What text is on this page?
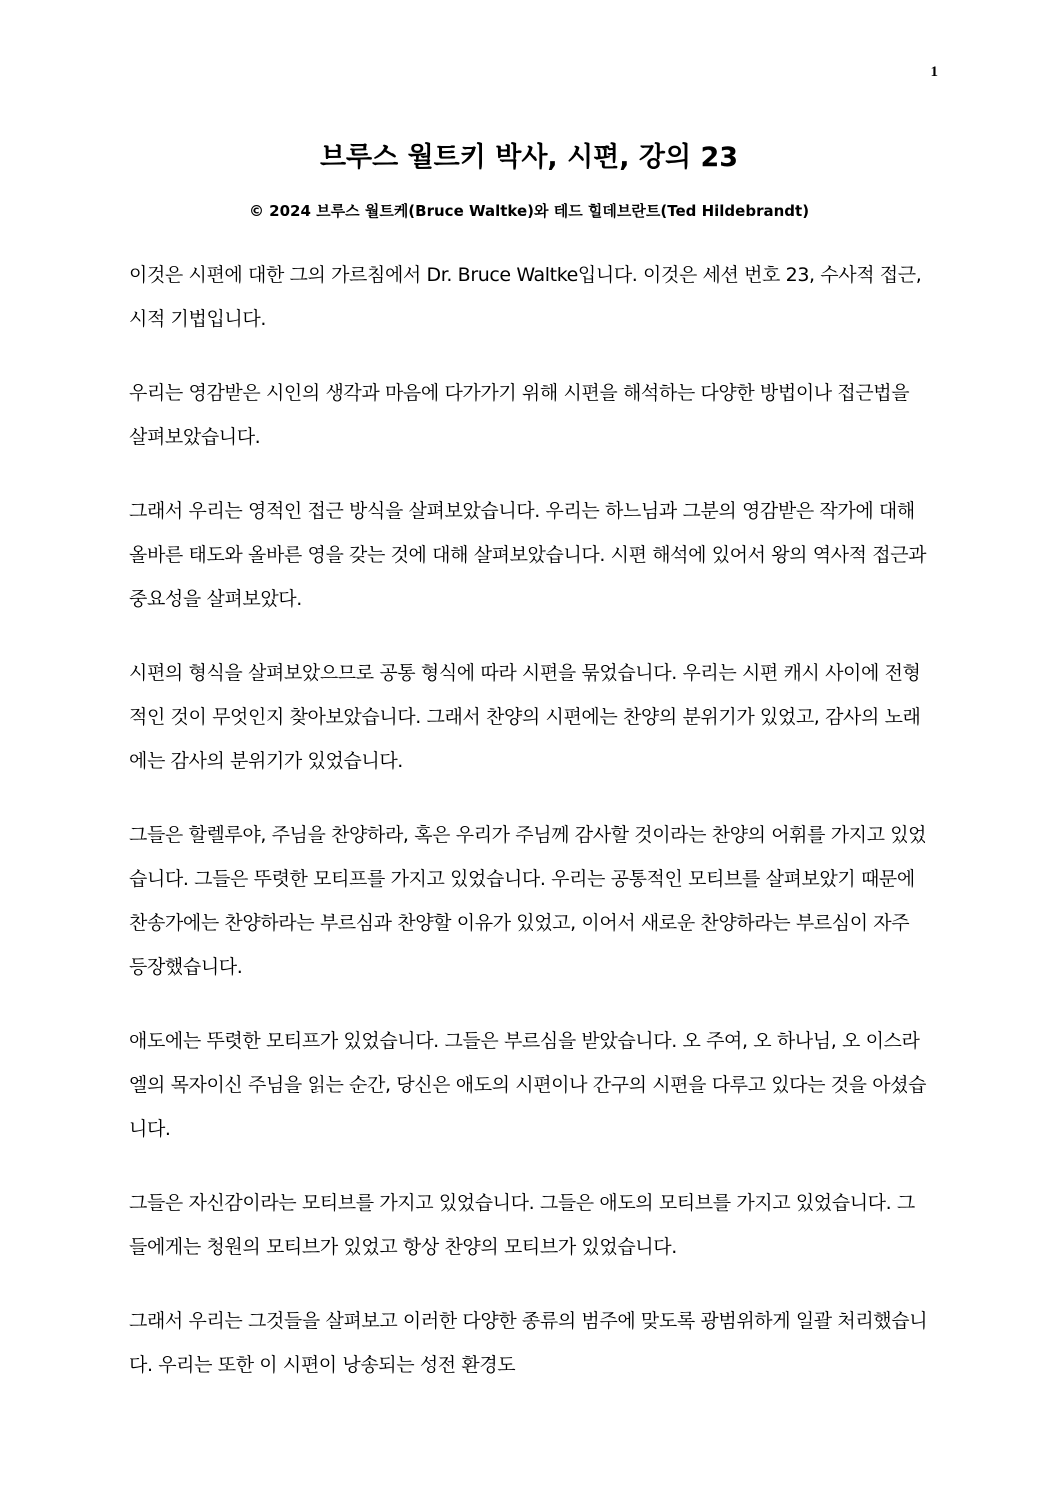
1
브루스 월트키 박사, 시편, 강의 23

© 2024 브루스 월트케(Bruce Waltke)와 테드 힐데브란트(Ted Hildebrandt)

이것은 시편에 대한 그의 가르침에서 Dr. Bruce Waltke입니다. 이것은 세션 번호 23, 수사적 접근, 시적 기법입니다.

우리는 영감받은 시인의 생각과 마음에 다가가기 위해 시편을 해석하는 다양한 방법이나 접근법을 살펴보았습니다.

그래서 우리는 영적인 접근 방식을 살펴보았습니다. 우리는 하느님과 그분의 영감받은 작가에 대해 올바른 태도와 올바른 영을 갖는 것에 대해 살펴보았습니다. 시편 해석에 있어서 왕의 역사적 접근과 중요성을 살펴보았다.

시편의 형식을 살펴보았으므로 공통 형식에 따라 시편을 묶었습니다. 우리는 시편 캐시 사이에 전형적인 것이 무엇인지 찾아보았습니다. 그래서 찬양의 시편에는 찬양의 분위기가 있었고, 감사의 노래에는 감사의 분위기가 있었습니다.

그들은 할렐루야, 주님을 찬양하라, 혹은 우리가 주님께 감사할 것이라는 찬양의 어휘를 가지고 있었습니다. 그들은 뚜렷한 모티프를 가지고 있었습니다. 우리는 공통적인 모티브를 살펴보았기 때문에 찬송가에는 찬양하라는 부르심과 찬양할 이유가 있었고, 이어서 새로운 찬양하라는 부르심이 자주 등장했습니다.

애도에는 뚜렷한 모티프가 있었습니다. 그들은 부르심을 받았습니다. 오 주여, 오 하나님, 오 이스라엘의 목자이신 주님을 읽는 순간, 당신은 애도의 시편이나 간구의 시편을 다루고 있다는 것을 아셨습니다.

그들은 자신감이라는 모티브를 가지고 있었습니다. 그들은 애도의 모티브를 가지고 있었습니다. 그들에게는 청원의 모티브가 있었고 항상 찬양의 모티브가 있었습니다.

그래서 우리는 그것들을 살펴보고 이러한 다양한 종류의 범주에 맞도록 광범위하게 일괄 처리했습니다. 우리는 또한 이 시편이 낭송되는 성전 환경도
